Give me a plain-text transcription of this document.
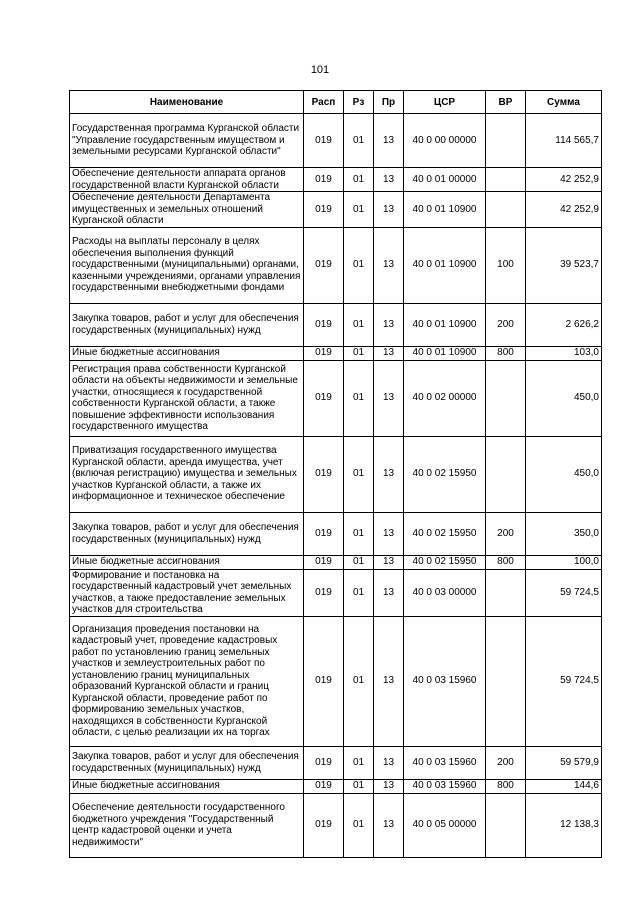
101
Наименование	Расп	Рз	Пр	ЦСР	ВР	Сумма
Государственная программа Курганской области "Управление государственным имуществом и земельными ресурсами Курганской области"	019	01	13	40 0 00 00000		114 565,7
Обеспечение деятельности аппарата органов государственной власти Курганской области	019	01	13	40 0 01 00000		42 252,9
Обеспечение деятельности Департамента имущественных и земельных отношений Курганской области	019	01	13	40 0 01 10900		42 252,9
Расходы на выплаты персоналу в целях обеспечения выполнения функций государственными (муниципальными) органами, казенными учреждениями, органами управления государственными внебюджетными фондами	019	01	13	40 0 01 10900	100	39 523,7
Закупка товаров, работ и услуг для обеспечения государственных (муниципальных) нужд	019	01	13	40 0 01 10900	200	2 626,2
Иные бюджетные ассигнования	019	01	13	40 0 01 10900	800	103,0
Регистрация права собственности Курганской области на объекты недвижимости и земельные участки, относящиеся к государственной собственности Курганской области, а также повышение эффективности использования государственного имущества	019	01	13	40 0 02 00000		450,0
Приватизация государственного имущества Курганской области, аренда имущества, учет (включая регистрацию) имущества и земельных участков Курганской области, а также их информационное и техническое обеспечение	019	01	13	40 0 02 15950		450,0
Закупка товаров, работ и услуг для обеспечения государственных (муниципальных) нужд	019	01	13	40 0 02 15950	200	350,0
Иные бюджетные ассигнования	019	01	13	40 0 02 15950	800	100,0
Формирование и постановка на государственный кадастровый учет земельных участков, а также предоставление земельных участков для строительства	019	01	13	40 0 03 00000		59 724,5
Организация проведения постановки на кадастровый учет, проведение кадастровых работ по установлению границ земельных участков и землеустроительных работ по установлению границ муниципальных образований Курганской области и границ Курганской области, проведение работ по формированию земельных участков, находящихся в собственности Курганской области, с целью реализации их на торгах	019	01	13	40 0 03 15960		59 724,5
Закупка товаров, работ и услуг для обеспечения государственных (муниципальных) нужд	019	01	13	40 0 03 15960	200	59 579,9
Иные бюджетные ассигнования	019	01	13	40 0 03 15960	800	144,6
Обеспечение деятельности государственного бюджетного учреждения "Государственный центр кадастровой оценки и учета недвижимости"	019	01	13	40 0 05 00000		12 138,3
